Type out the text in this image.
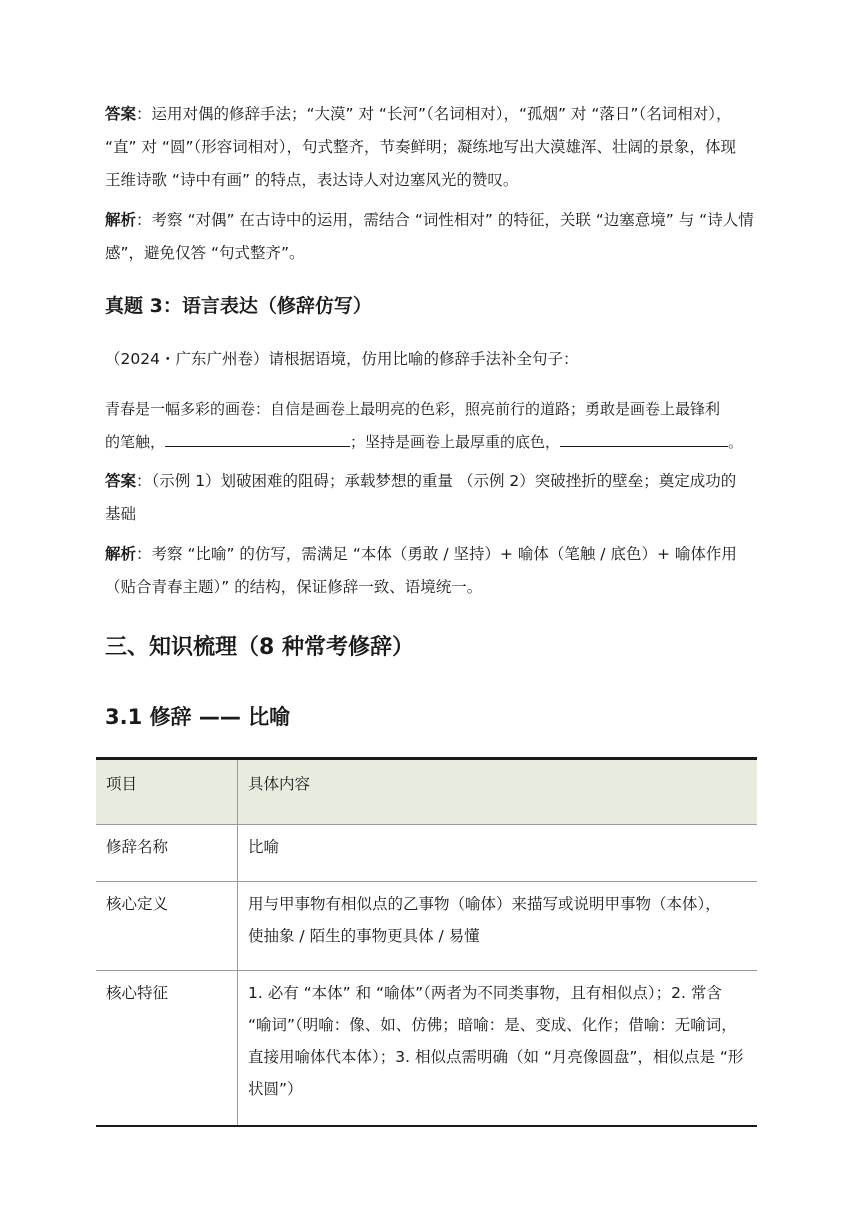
答案：运用对偶的修辞手法；“大漠” 对 “长河”（名词相对），“孤烟” 对 “落日”（名词相对），
“直” 对 “圆”（形容词相对），句式整齐，节奏鲜明；凝练地写出大漠雄浑、壮阔的景象，体现
王维诗歌 “诗中有画” 的特点，表达诗人对边塞风光的赞叹。
解析：考察 “对偶” 在古诗中的运用，需结合 “词性相对” 的特征，关联 “边塞意境” 与 “诗人情
感”，避免仅答 “句式整齐”。
真题 3：语言表达（修辞仿写）
（2024・广东广州卷）请根据语境，仿用比喻的修辞手法补全句子：
青春是一幅多彩的画卷：自信是画卷上最明亮的色彩，照亮前行的道路；勇敢是画卷上最锋利
的笔触，	；坚持是画卷上最厚重的底色，	。
答案：（示例 1）划破困难的阻碍；承载梦想的重量 （示例 2）突破挫折的壁垒；奠定成功的
基础
解析：考察 “比喻” 的仿写，需满足 “本体（勇敢 / 坚持）+ 喻体（笔触 / 底色）+ 喻体作用
（贴合青春主题）” 的结构，保证修辞一致、语境统一。
三、知识梳理（8 种常考修辞）
3.1 修辞 —— 比喻
项目	具体内容
修辞名称	比喻

核心定义	用与甲事物有相似点的乙事物（喻体）来描写或说明甲事物（本体），
使抽象 / 陌生的事物更具体 / 易懂

核心特征	1. 必有 “本体” 和 “喻体”（两者为不同类事物，且有相似点）；2. 常含
“喻词”（明喻：像、如、仿佛；暗喻：是、变成、化作；借喻：无喻词，
直接用喻体代本体）；3. 相似点需明确（如 “月亮像圆盘”，相似点是 “形
状圆”）
